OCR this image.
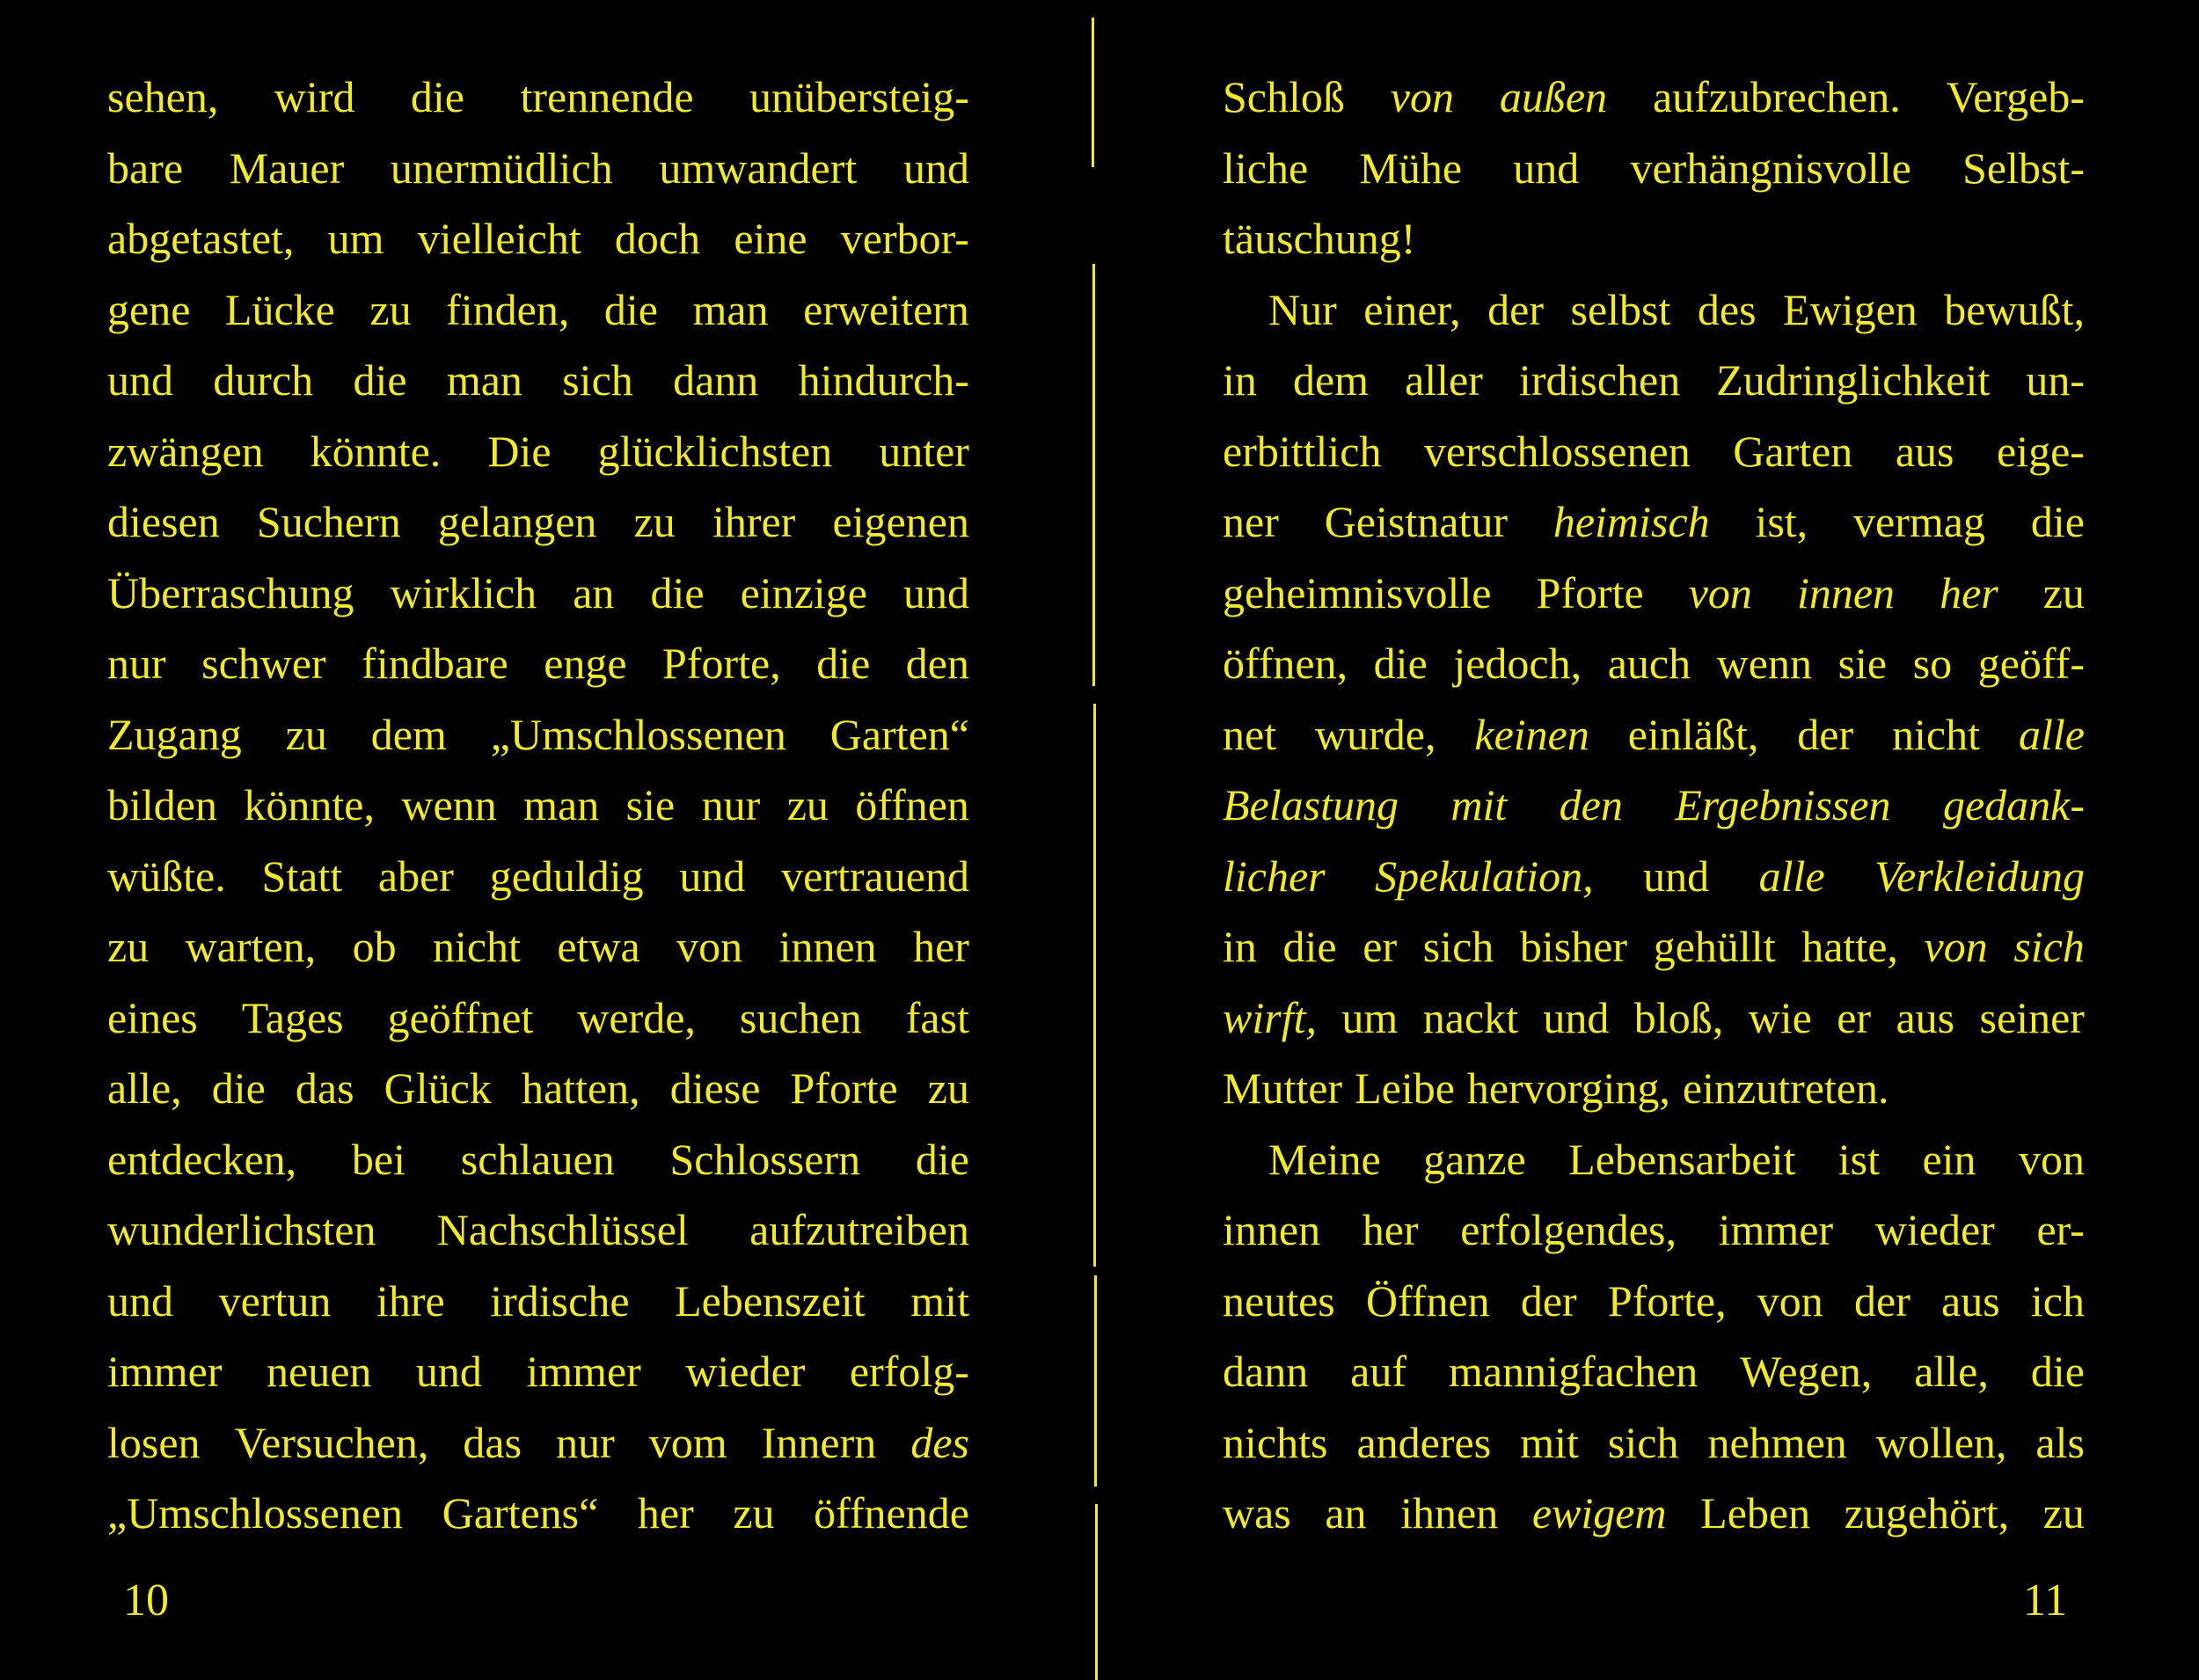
sehen, wird die trennende unübersteig-
bare Mauer unermüdlich umwandert und
abgetastet, um vielleicht doch eine verbor-
gene Lücke zu finden, die man erweitern
und durch die man sich dann hindurch-
zwängen könnte. Die glücklichsten unter
diesen Suchern gelangen zu ihrer eigenen
Überraschung wirklich an die einzige und
nur schwer findbare enge Pforte, die den
Zugang zu dem „Umschlossenen Garten“
bilden könnte, wenn man sie nur zu öffnen
wüßte. Statt aber geduldig und vertrauend
zu warten, ob nicht etwa von innen her
eines Tages geöffnet werde, suchen fast
alle, die das Glück hatten, diese Pforte zu
entdecken, bei schlauen Schlossern die
wunderlichsten Nachschlüssel aufzutreiben
und vertun ihre irdische Lebenszeit mit
immer neuen und immer wieder erfolg-
losen Versuchen, das nur vom Innern des
„Umschlossenen Gartens“ her zu öffnende
Schloß von außen aufzubrechen. Vergeb-
liche Mühe und verhängnisvolle Selbst-
täuschung!
Nur einer, der selbst des Ewigen bewußt,
in dem aller irdischen Zudringlichkeit un-
erbittlich verschlossenen Garten aus eige-
ner Geistnatur heimisch ist, vermag die
geheimnisvolle Pforte von innen her zu
öffnen, die jedoch, auch wenn sie so geöff-
net wurde, keinen einläßt, der nicht alle
Belastung mit den Ergebnissen gedank-
licher Spekulation, und alle Verkleidung
in die er sich bisher gehüllt hatte, von sich
wirft, um nackt und bloß, wie er aus seiner
Mutter Leibe hervorging, einzutreten.
Meine ganze Lebensarbeit ist ein von
innen her erfolgendes, immer wieder er-
neutes Öffnen der Pforte, von der aus ich
dann auf mannigfachen Wegen, alle, die
nichts anderes mit sich nehmen wollen, als
was an ihnen ewigem Leben zugehört, zu
10	11
